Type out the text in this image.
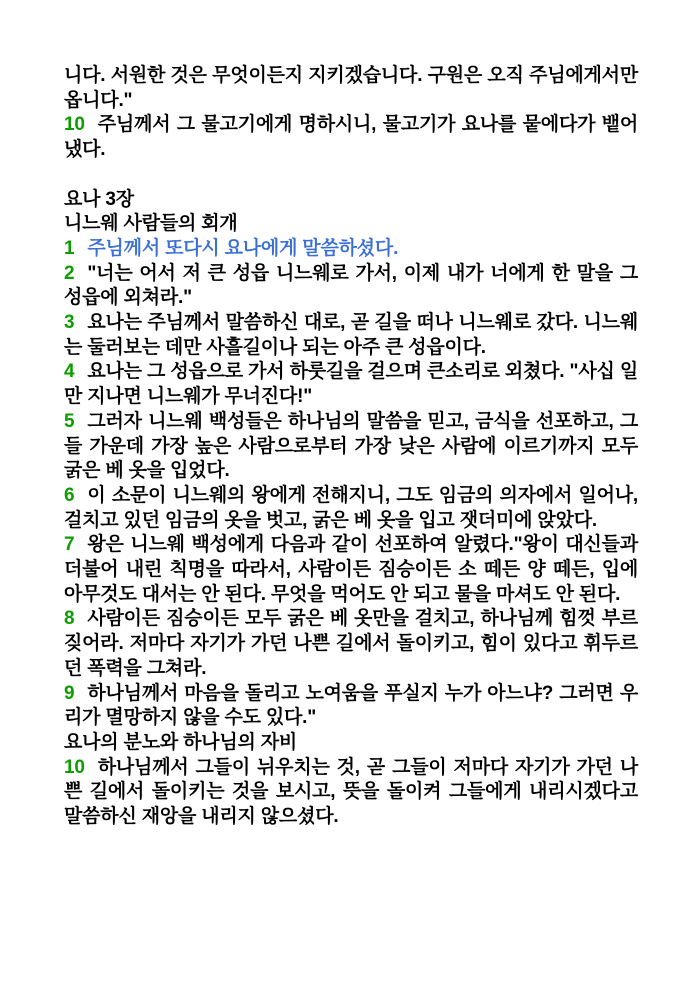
니다. 서원한 것은 무엇이든지 지키겠습니다. 구원은 오직 주님에게서만 옵니다."

10 주님께서 그 물고기에게 명하시니, 물고기가 요나를 뭍에다가 뱉어 냈다.

요나 3장

니느웨 사람들의 회개

1 주님께서 또다시 요나에게 말씀하셨다.

2 "너는 어서 저 큰 성읍 니느웨로 가서, 이제 내가 너에게 한 말을 그 성읍에 외쳐라."

3 요나는 주님께서 말씀하신 대로, 곧 길을 떠나 니느웨로 갔다. 니느웨는 둘러보는 데만 사흘길이나 되는 아주 큰 성읍이다.

4 요나는 그 성읍으로 가서 하룻길을 걸으며 큰소리로 외쳤다. "사십 일만 지나면 니느웨가 무너진다!"

5 그러자 니느웨 백성들은 하나님의 말씀을 믿고, 금식을 선포하고, 그들 가운데 가장 높은 사람으로부터 가장 낮은 사람에 이르기까지 모두 굵은 베 옷을 입었다.

6 이 소문이 니느웨의 왕에게 전해지니, 그도 임금의 의자에서 일어나, 걸치고 있던 임금의 옷을 벗고, 굵은 베 옷을 입고 잿더미에 앉았다.

7 왕은 니느웨 백성에게 다음과 같이 선포하여 알렸다."왕이 대신들과 더불어 내린 칙명을 따라서, 사람이든 짐승이든 소 떼든 양 떼든, 입에 아무것도 대서는 안 된다. 무엇을 먹어도 안 되고 물을 마셔도 안 된다.

8 사람이든 짐승이든 모두 굵은 베 옷만을 걸치고, 하나님께 힘껏 부르짖어라. 저마다 자기가 가던 나쁜 길에서 돌이키고, 힘이 있다고 휘두르던 폭력을 그쳐라.

9 하나님께서 마음을 돌리고 노여움을 푸실지 누가 아느냐? 그러면 우리가 멸망하지 않을 수도 있다."

요나의 분노와 하나님의 자비

10 하나님께서 그들이 뉘우치는 것, 곧 그들이 저마다 자기가 가던 나쁜 길에서 돌이키는 것을 보시고, 뜻을 돌이켜 그들에게 내리시겠다고 말씀하신 재앙을 내리지 않으셨다.
